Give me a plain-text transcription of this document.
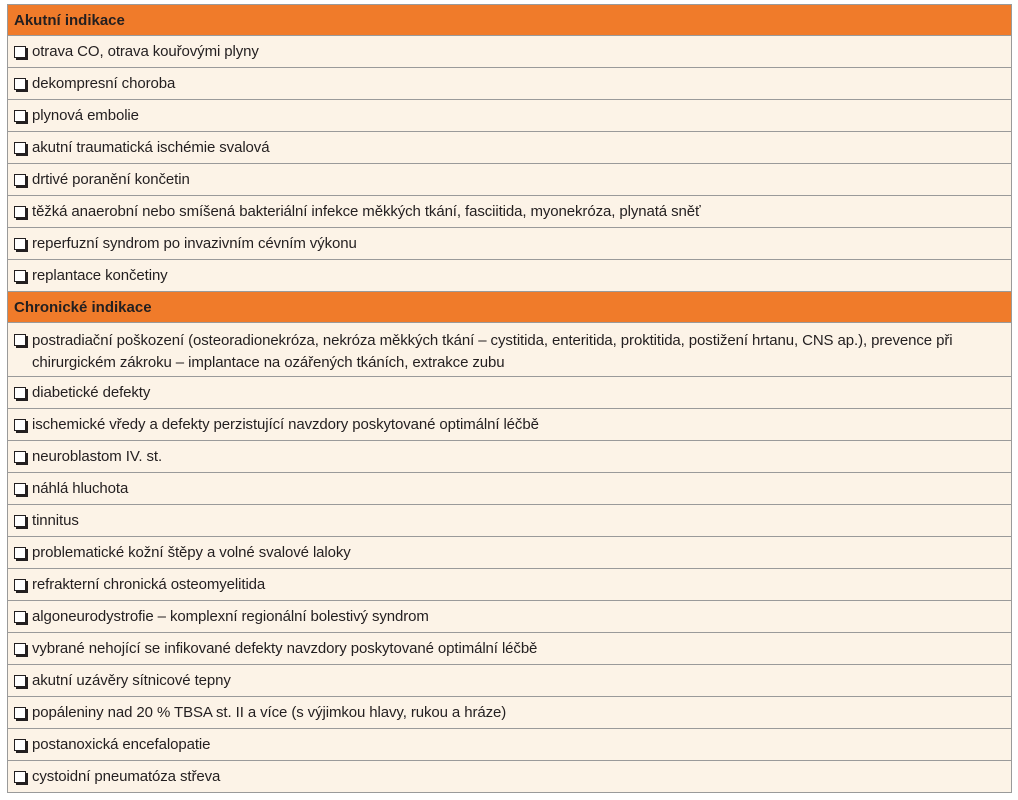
Akutní indikace
otrava CO, otrava kouřovými plyny
dekompresní choroba
plynová embolie
akutní traumatická ischémie svalová
drtivé poranění končetin
těžká anaerobní nebo smíšená bakteriální infekce měkkých tkání, fasciitida, myonekróza, plynatá sněť
reperfuzní syndrom po invazivním cévním výkonu
replantace končetiny
Chronické indikace
postradiační poškození (osteoradionekróza, nekróza měkkých tkání – cystitida, enteritida, proktitida, postižení hrtanu, CNS ap.), prevence při chirurgickém zákroku – implantace na ozářených tkáních, extrakce zubu
diabetické defekty
ischemické vředy a defekty perzistující navzdory poskytované optimální léčbě
neuroblastom IV. st.
náhlá hluchota
tinnitus
problematické kožní štěpy a volné svalové laloky
refrakterní chronická osteomyelitida
algoneurodystrofie – komplexní regionální bolestivý syndrom
vybrané nehojící se infikované defekty navzdory poskytované optimální léčbě
akutní uzávěry sítnicové tepny
popáleniny nad 20 % TBSA st. II a více (s výjimkou hlavy, rukou a hráze)
postanoxická encefalopatie
cystoidní pneumatóza střeva
